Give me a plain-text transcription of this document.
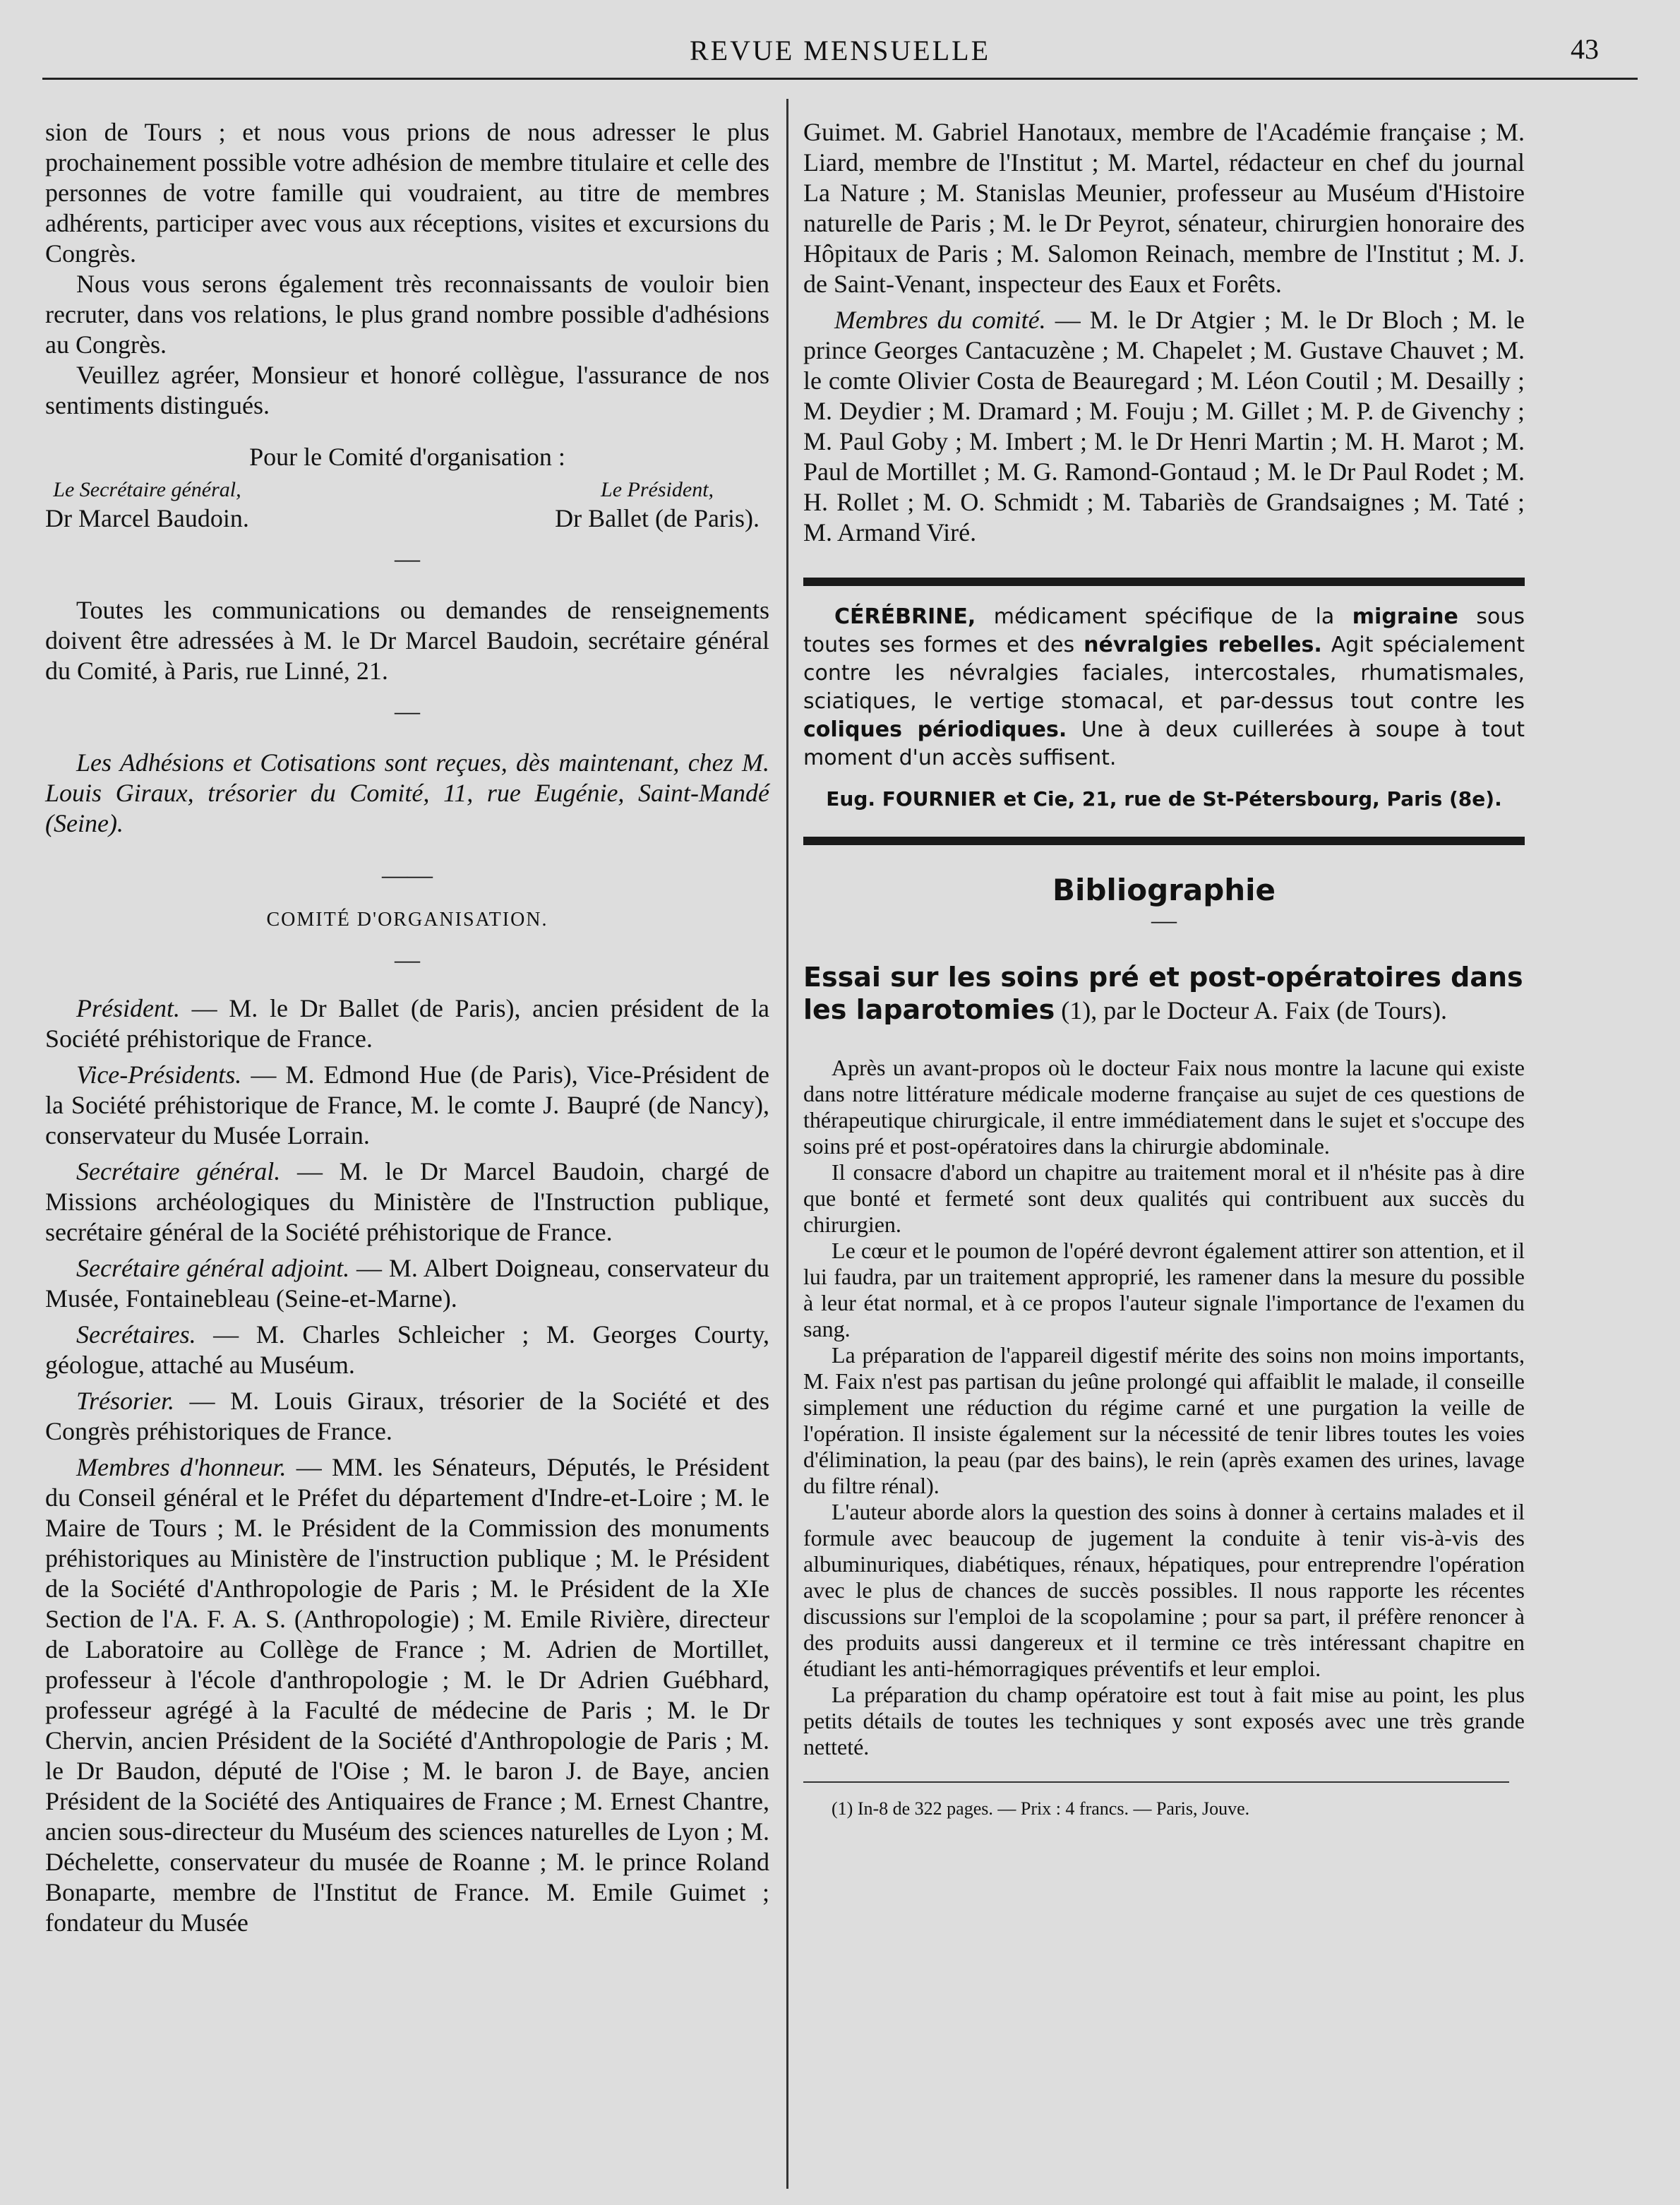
REVUE MENSUELLE	43

sion de Tours ; et nous vous prions de nous adresser le plus prochainement possible votre adhésion de membre titulaire et celle des personnes de votre famille qui voudraient, au titre de membres adhérents, participer avec vous aux réceptions, visites et excursions du Congrès.

Nous vous serons également très reconnaissants de vouloir bien recruter, dans vos relations, le plus grand nombre possible d'adhésions au Congrès.

Veuillez agréer, Monsieur et honoré collègue, l'assurance de nos sentiments distingués.

Pour le Comité d'organisation :

Le Secrétaire général,
Dr Marcel Baudoin.
Le Président,
Dr Ballet (de Paris).
—

Toutes les communications ou demandes de renseignements doivent être adressées à M. le Dr Marcel Baudoin, secrétaire général du Comité, à Paris, rue Linné, 21.

—

Les Adhésions et Cotisations sont reçues, dès maintenant, chez M. Louis Giraux, trésorier du Comité, 11, rue Eugénie, Saint-Mandé (Seine).

——
COMITÉ D'ORGANISATION.
—

Président. — M. le Dr Ballet (de Paris), ancien président de la Société préhistorique de France.

Vice-Présidents. — M. Edmond Hue (de Paris), Vice-Président de la Société préhistorique de France, M. le comte J. Baupré (de Nancy), conservateur du Musée Lorrain.

Secrétaire général. — M. le Dr Marcel Baudoin, chargé de Missions archéologiques du Ministère de l'Instruction publique, secrétaire général de la Société préhistorique de France.

Secrétaire général adjoint. — M. Albert Doigneau, conservateur du Musée, Fontainebleau (Seine-et-Marne).

Secrétaires. — M. Charles Schleicher ; M. Georges Courty, géologue, attaché au Muséum.

Trésorier. — M. Louis Giraux, trésorier de la Société et des Congrès préhistoriques de France.

Membres d'honneur. — MM. les Sénateurs, Députés, le Président du Conseil général et le Préfet du département d'Indre-et-Loire ; M. le Maire de Tours ; M. le Président de la Commission des monuments préhistoriques au Ministère de l'instruction publique ; M. le Président de la Société d'Anthropologie de Paris ; M. le Président de la XIe Section de l'A. F. A. S. (Anthropologie) ; M. Emile Rivière, directeur de Laboratoire au Collège de France ; M. Adrien de Mortillet, professeur à l'école d'anthropologie ; M. le Dr Adrien Guébhard, professeur agrégé à la Faculté de médecine de Paris ; M. le Dr Chervin, ancien Président de la Société d'Anthropologie de Paris ; M. le Dr Baudon, député de l'Oise ; M. le baron J. de Baye, ancien Président de la Société des Antiquaires de France ; M. Ernest Chantre, ancien sous-directeur du Muséum des sciences naturelles de Lyon ; M. Déchelette, conservateur du musée de Roanne ; M. le prince Roland Bonaparte, membre de l'Institut de France. M. Emile Guimet ; fondateur du Musée

Guimet. M. Gabriel Hanotaux, membre de l'Académie française ; M. Liard, membre de l'Institut ; M. Martel, rédacteur en chef du journal La Nature ; M. Stanislas Meunier, professeur au Muséum d'Histoire naturelle de Paris ; M. le Dr Peyrot, sénateur, chirurgien honoraire des Hôpitaux de Paris ; M. Salomon Reinach, membre de l'Institut ; M. J. de Saint-Venant, inspecteur des Eaux et Forêts.

Membres du comité. — M. le Dr Atgier ; M. le Dr Bloch ; M. le prince Georges Cantacuzène ; M. Chapelet ; M. Gustave Chauvet ; M. le comte Olivier Costa de Beauregard ; M. Léon Coutil ; M. Desailly ; M. Deydier ; M. Dramard ; M. Fouju ; M. Gillet ; M. P. de Givenchy ; M. Paul Goby ; M. Imbert ; M. le Dr Henri Martin ; M. H. Marot ; M. Paul de Mortillet ; M. G. Ramond-Gontaud ; M. le Dr Paul Rodet ; M. H. Rollet ; M. O. Schmidt ; M. Tabariès de Grandsaignes ; M. Taté ; M. Armand Viré.

CÉRÉBRINE, médicament spécifique de la migraine sous toutes ses formes et des névralgies rebelles. Agit spécialement contre les névralgies faciales, intercostales, rhumatismales, sciatiques, le vertige stomacal, et par-dessus tout contre les coliques périodiques. Une à deux cuillerées à soupe à tout moment d'un accès suffisent.

Eug. FOURNIER et Cie, 21, rue de St-Pétersbourg, Paris (8e).
Bibliographie
—

Essai sur les soins pré et post-opératoires dans les laparotomies (1), par le Docteur A. Faix (de Tours).

Après un avant-propos où le docteur Faix nous montre la lacune qui existe dans notre littérature médicale moderne française au sujet de ces questions de thérapeutique chirurgicale, il entre immédiatement dans le sujet et s'occupe des soins pré et post-opératoires dans la chirurgie abdominale.

Il consacre d'abord un chapitre au traitement moral et il n'hésite pas à dire que bonté et fermeté sont deux qualités qui contribuent aux succès du chirurgien.

Le cœur et le poumon de l'opéré devront également attirer son attention, et il lui faudra, par un traitement approprié, les ramener dans la mesure du possible à leur état normal, et à ce propos l'auteur signale l'importance de l'examen du sang.

La préparation de l'appareil digestif mérite des soins non moins importants, M. Faix n'est pas partisan du jeûne prolongé qui affaiblit le malade, il conseille simplement une réduction du régime carné et une purgation la veille de l'opération. Il insiste également sur la nécessité de tenir libres toutes les voies d'élimination, la peau (par des bains), le rein (après examen des urines, lavage du filtre rénal).

L'auteur aborde alors la question des soins à donner à certains malades et il formule avec beaucoup de jugement la conduite à tenir vis-à-vis des albuminuriques, diabétiques, rénaux, hépatiques, pour entreprendre l'opération avec le plus de chances de succès possibles. Il nous rapporte les récentes discussions sur l'emploi de la scopolamine ; pour sa part, il préfère renoncer à des produits aussi dangereux et il termine ce très intéressant chapitre en étudiant les anti-hémorragiques préventifs et leur emploi.

La préparation du champ opératoire est tout à fait mise au point, les plus petits détails de toutes les techniques y sont exposés avec une très grande netteté.

(1) In-8 de 322 pages. — Prix : 4 francs. — Paris, Jouve.
